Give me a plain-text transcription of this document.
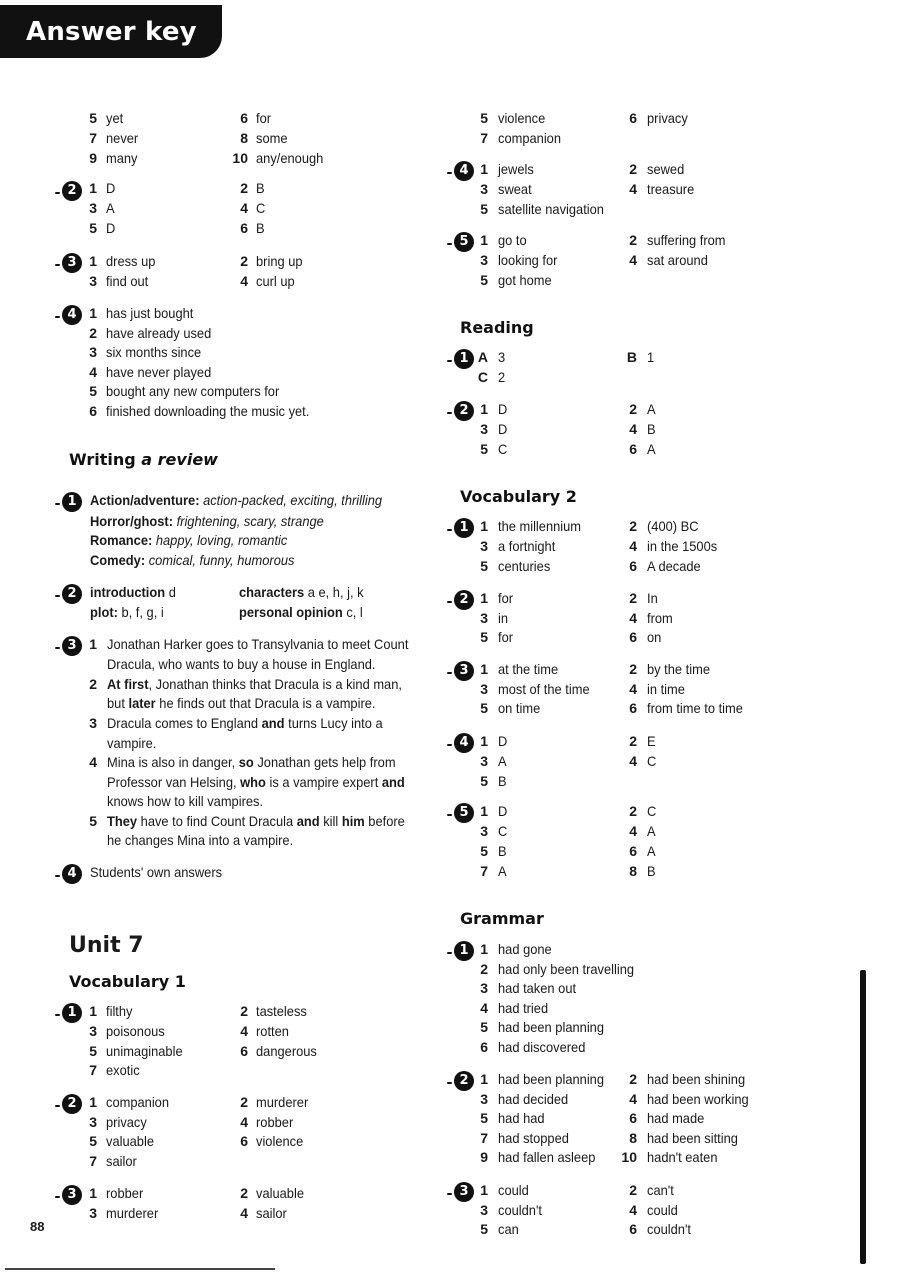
Answer key
5 yet	6 for
7 never	8 some
9 many	10 any/enough
2 1 D	2 B
3 A	4 C
5 D	6 B
3 1 dress up	2 bring up
3 find out	4 curl up
4 1 has just bought
2 have already used
3 six months since
4 have never played
5 bought any new computers for
6 finished downloading the music yet.
Writing a review
1 Action/adventure: action-packed, exciting, thrilling
Horror/ghost: frightening, scary, strange
Romance: happy, loving, romantic
Comedy: comical, funny, humorous
2 introduction d	characters a e, h, j, k
plot: b, f, g, i	personal opinion c, l
3 1 Jonathan Harker goes to Transylvania to meet Count
Dracula, who wants to buy a house in England.
2 At first, Jonathan thinks that Dracula is a kind man,
but later he finds out that Dracula is a vampire.
3 Dracula comes to England and turns Lucy into a
vampire.
4 Mina is also in danger, so Jonathan gets help from
Professor van Helsing, who is a vampire expert and
knows how to kill vampires.
5 They have to find Count Dracula and kill him before
he changes Mina into a vampire.
4 Students' own answers
Unit 7
Vocabulary 1
1 1 filthy	2 tasteless
3 poisonous	4 rotten
5 unimaginable	6 dangerous
7 exotic
2 1 companion	2 murderer
3 privacy	4 robber
5 valuable	6 violence
7 sailor
3 1 robber	2 valuable
3 murderer	4 sailor
5 violence	6 privacy
7 companion
4 1 jewels	2 sewed
3 sweat	4 treasure
5 satellite navigation
5 1 go to	2 suffering from
3 looking for	4 sat around
5 got home
Reading
1 A 3	B 1
C 2
2 1 D	2 A
3 D	4 B
5 C	6 A
Vocabulary 2
1 1 the millennium	2 (400) BC
3 a fortnight	4 in the 1500s
5 centuries	6 A decade
2 1 for	2 In
3 in	4 from
5 for	6 on
3 1 at the time	2 by the time
3 most of the time	4 in time
5 on time	6 from time to time
4 1 D	2 E
3 A	4 C
5 B
5 1 D	2 C
3 C	4 A
5 B	6 A
7 A	8 B
Grammar
1 1 had gone
2 had only been travelling
3 had taken out
4 had tried
5 had been planning
6 had discovered
2 1 had been planning	2 had been shining
3 had decided	4 had been working
5 had had	6 had made
7 had stopped	8 had been sitting
9 had fallen asleep	10 hadn't eaten
3 1 could	2 can't
3 couldn't	4 could
5 can	6 couldn't
88
